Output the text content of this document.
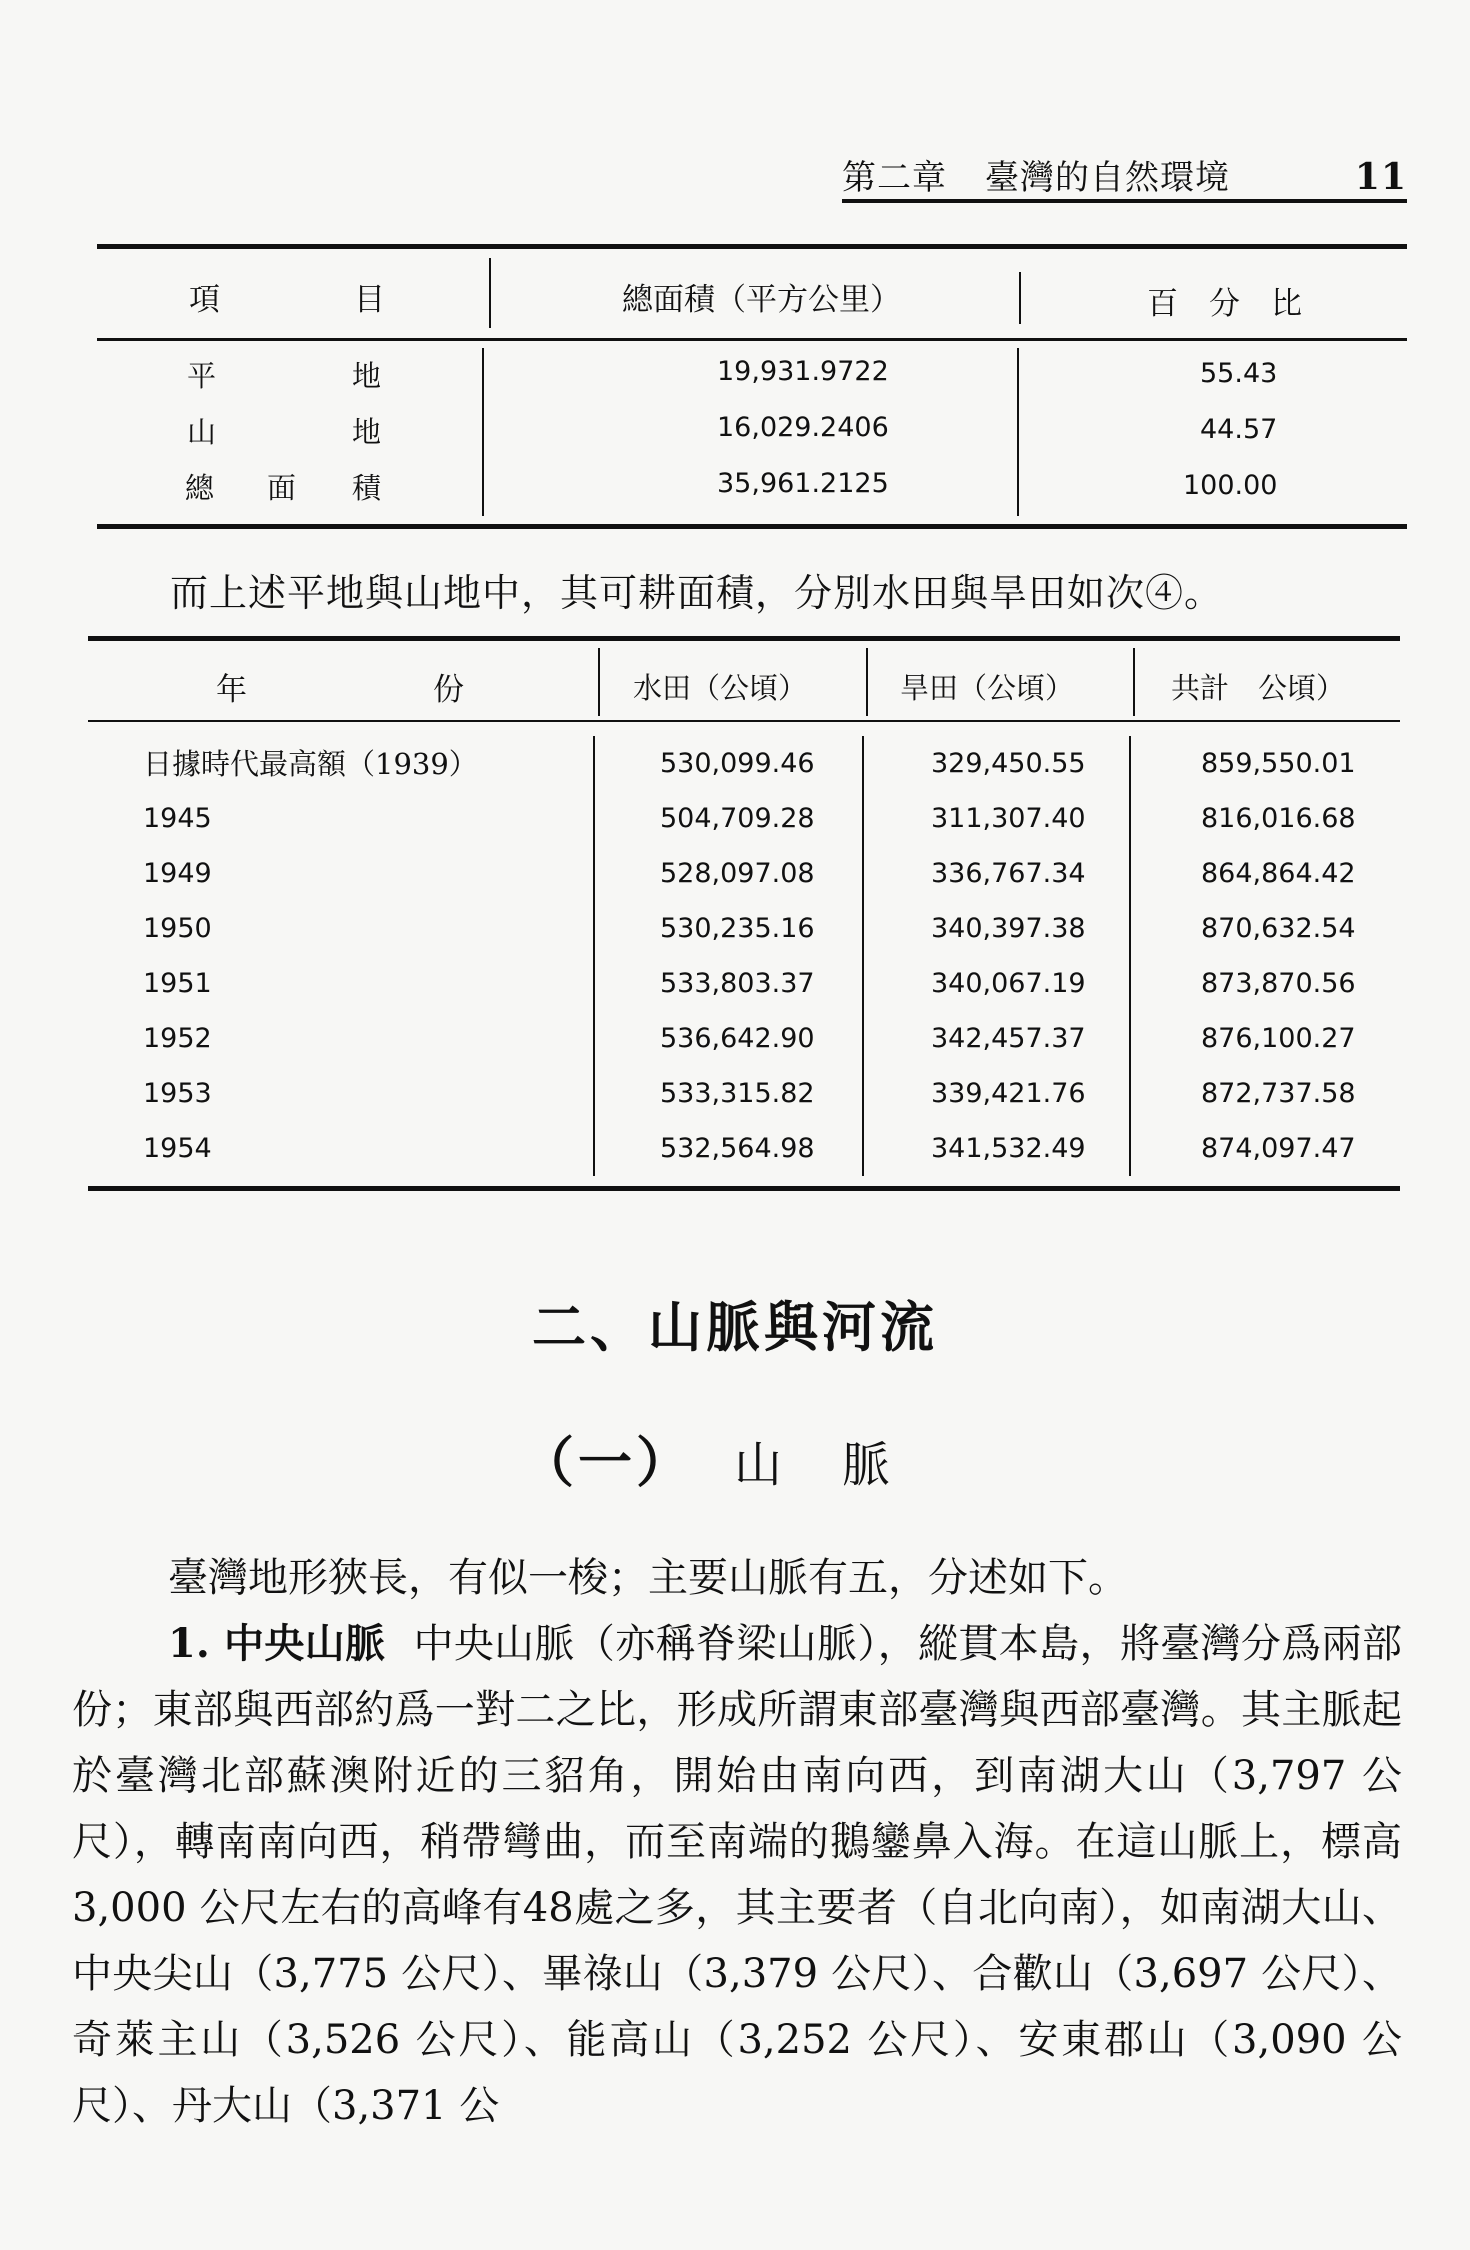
第二章 臺灣的自然環境	11
項	目	總面積（平方公里）	百　分　比
平	地	19,931.9722	55.43
山	地	16,029.2406	44.57
總 面 積	35,961.2125	100.00
而上述平地與山地中，其可耕面積，分別水田與旱田如次④。
年	份	水田（公頃）	旱田（公頃）	共計　公頃）
日據時代最高額（1939）	530,099.46	329,450.55	859,550.01
1945	504,709.28	311,307.40	816,016.68
1949	528,097.08	336,767.34	864,864.42
1950	530,235.16	340,397.38	870,632.54
1951	533,803.37	340,067.19	873,870.56
1952	536,642.90	342,457.37	876,100.27
1953	533,315.82	339,421.76	872,737.58
1954	532,564.98	341,532.49	874,097.47
二、山脈與河流
（一） 山脈

臺灣地形狹長，有似一梭；主要山脈有五，分述如下。

1. 中央山脈 中央山脈（亦稱脊梁山脈），縱貫本島，將臺灣分爲兩部份；東部與西部約爲一對二之比，形成所謂東部臺灣與西部臺灣。其主脈起於臺灣北部蘇澳附近的三貂角，開始由南向西，到南湖大山（3,797 公尺），轉南南向西，稍帶彎曲，而至南端的鵝鑾鼻入海。在這山脈上，標高 3,000 公尺左右的高峰有48處之多，其主要者（自北向南），如南湖大山、中央尖山（3,775 公尺）、畢祿山（3,379 公尺）、合歡山（3,697 公尺）、奇萊主山（3,526 公尺）、能高山（3,252 公尺）、安東郡山（3,090 公尺）、丹大山（3,371 公
